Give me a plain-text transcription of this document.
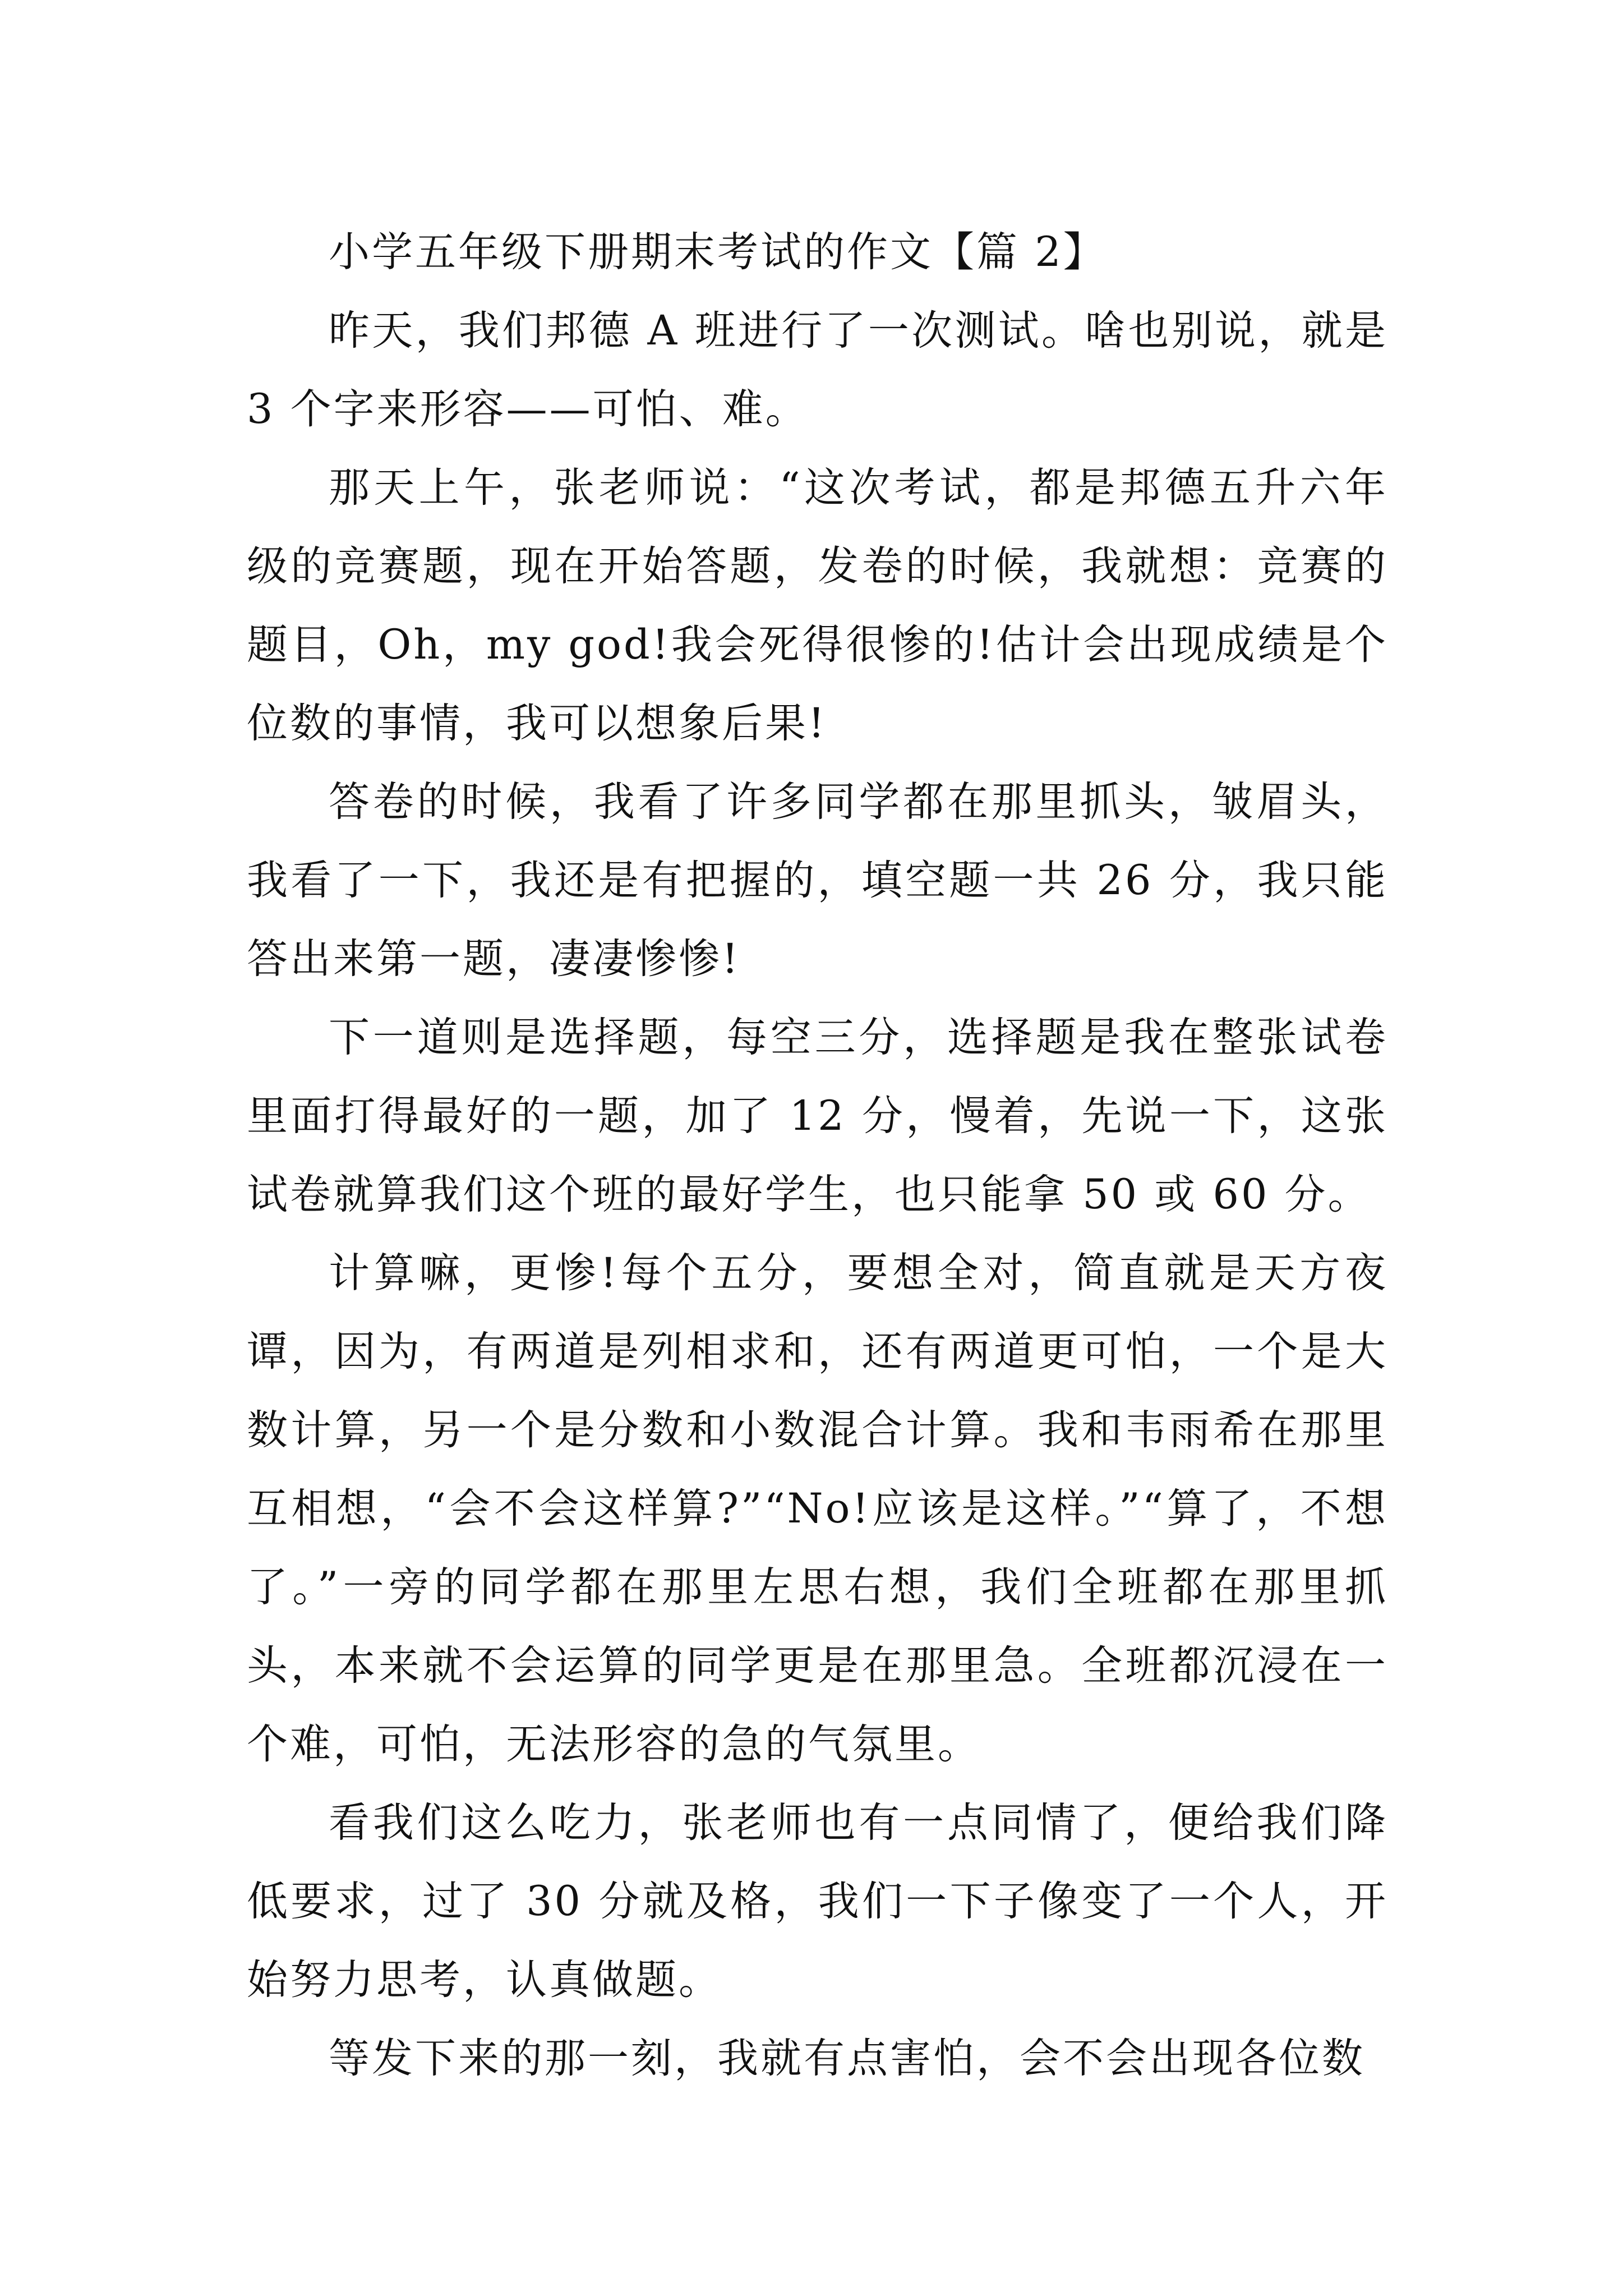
小学五年级下册期末考试的作文【篇 2】

昨天，我们邦德 A 班进行了一次测试。啥也别说，就是 3 个字来形容——可怕、难。

那天上午，张老师说：“这次考试，都是邦德五升六年级的竞赛题，现在开始答题，发卷的时候，我就想：竞赛的题目，Oh，my god!我会死得很惨的!估计会出现成绩是个位数的事情，我可以想象后果!

答卷的时候，我看了许多同学都在那里抓头，皱眉头，我看了一下，我还是有把握的，填空题一共 26 分，我只能答出来第一题，凄凄惨惨!

下一道则是选择题，每空三分，选择题是我在整张试卷里面打得最好的一题，加了 12 分，慢着，先说一下，这张试卷就算我们这个班的最好学生，也只能拿 50 或 60 分。

计算嘛，更惨!每个五分，要想全对，简直就是天方夜谭，因为，有两道是列相求和，还有两道更可怕，一个是大数计算，另一个是分数和小数混合计算。我和韦雨希在那里互相想，“会不会这样算?”“No!应该是这样。”“算了，不想了。”一旁的同学都在那里左思右想，我们全班都在那里抓头，本来就不会运算的同学更是在那里急。全班都沉浸在一个难，可怕，无法形容的急的气氛里。

看我们这么吃力，张老师也有一点同情了，便给我们降低要求，过了 30 分就及格，我们一下子像变了一个人，开始努力思考，认真做题。

等发下来的那一刻，我就有点害怕，会不会出现各位数
